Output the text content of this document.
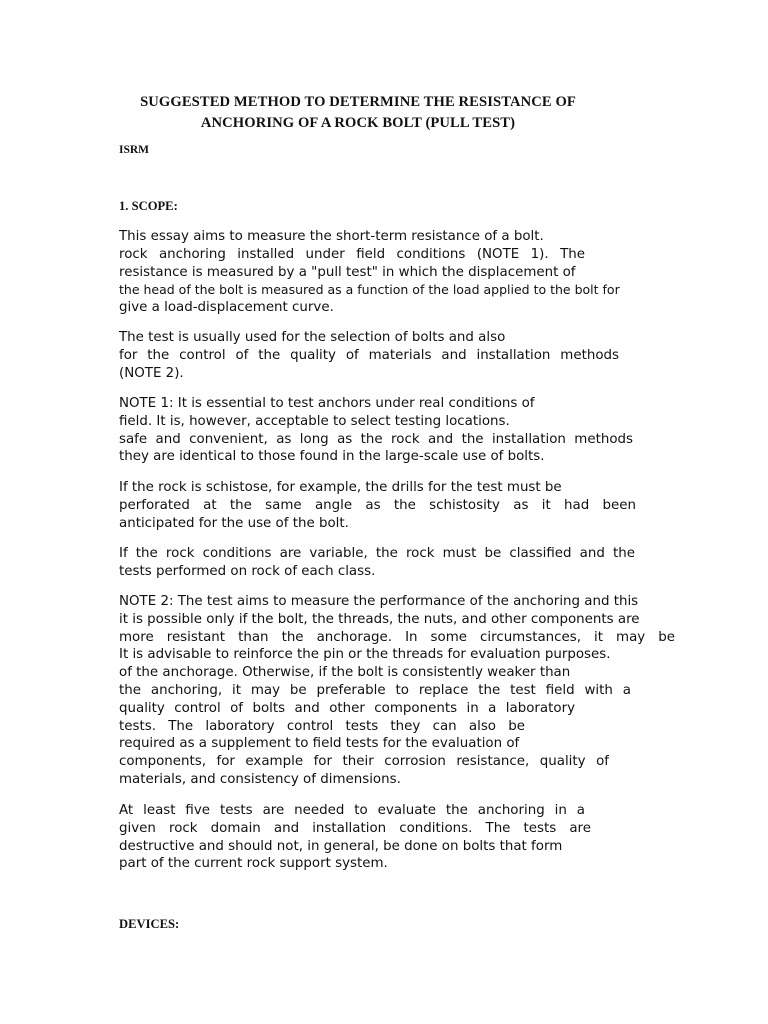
SUGGESTED METHOD TO DETERMINE THE RESISTANCE OF
ANCHORING OF A ROCK BOLT (PULL TEST)
ISRM
1. SCOPE:
This essay aims to measure the short-term resistance of a bolt.
rock anchoring installed under field conditions (NOTE 1). The
resistance is measured by a "pull test" in which the displacement of
the head of the bolt is measured as a function of the load applied to the bolt for
give a load-displacement curve.
The test is usually used for the selection of bolts and also
for the control of the quality of materials and installation methods
(NOTE 2).
NOTE 1: It is essential to test anchors under real conditions of
field. It is, however, acceptable to select testing locations.
safe and convenient, as long as the rock and the installation methods
they are identical to those found in the large-scale use of bolts.
If the rock is schistose, for example, the drills for the test must be
perforated at the same angle as the schistosity as it had been
anticipated for the use of the bolt.
If the rock conditions are variable, the rock must be classified and the
tests performed on rock of each class.
NOTE 2: The test aims to measure the performance of the anchoring and this
it is possible only if the bolt, the threads, the nuts, and other components are
more resistant than the anchorage. In some circumstances, it may be
It is advisable to reinforce the pin or the threads for evaluation purposes.
of the anchorage. Otherwise, if the bolt is consistently weaker than
the anchoring, it may be preferable to replace the test field with a
quality control of bolts and other components in a laboratory
tests. The laboratory control tests they can also be
required as a supplement to field tests for the evaluation of
components, for example for their corrosion resistance, quality of
materials, and consistency of dimensions.
At least five tests are needed to evaluate the anchoring in a
given rock domain and installation conditions. The tests are
destructive and should not, in general, be done on bolts that form
part of the current rock support system.
DEVICES:
